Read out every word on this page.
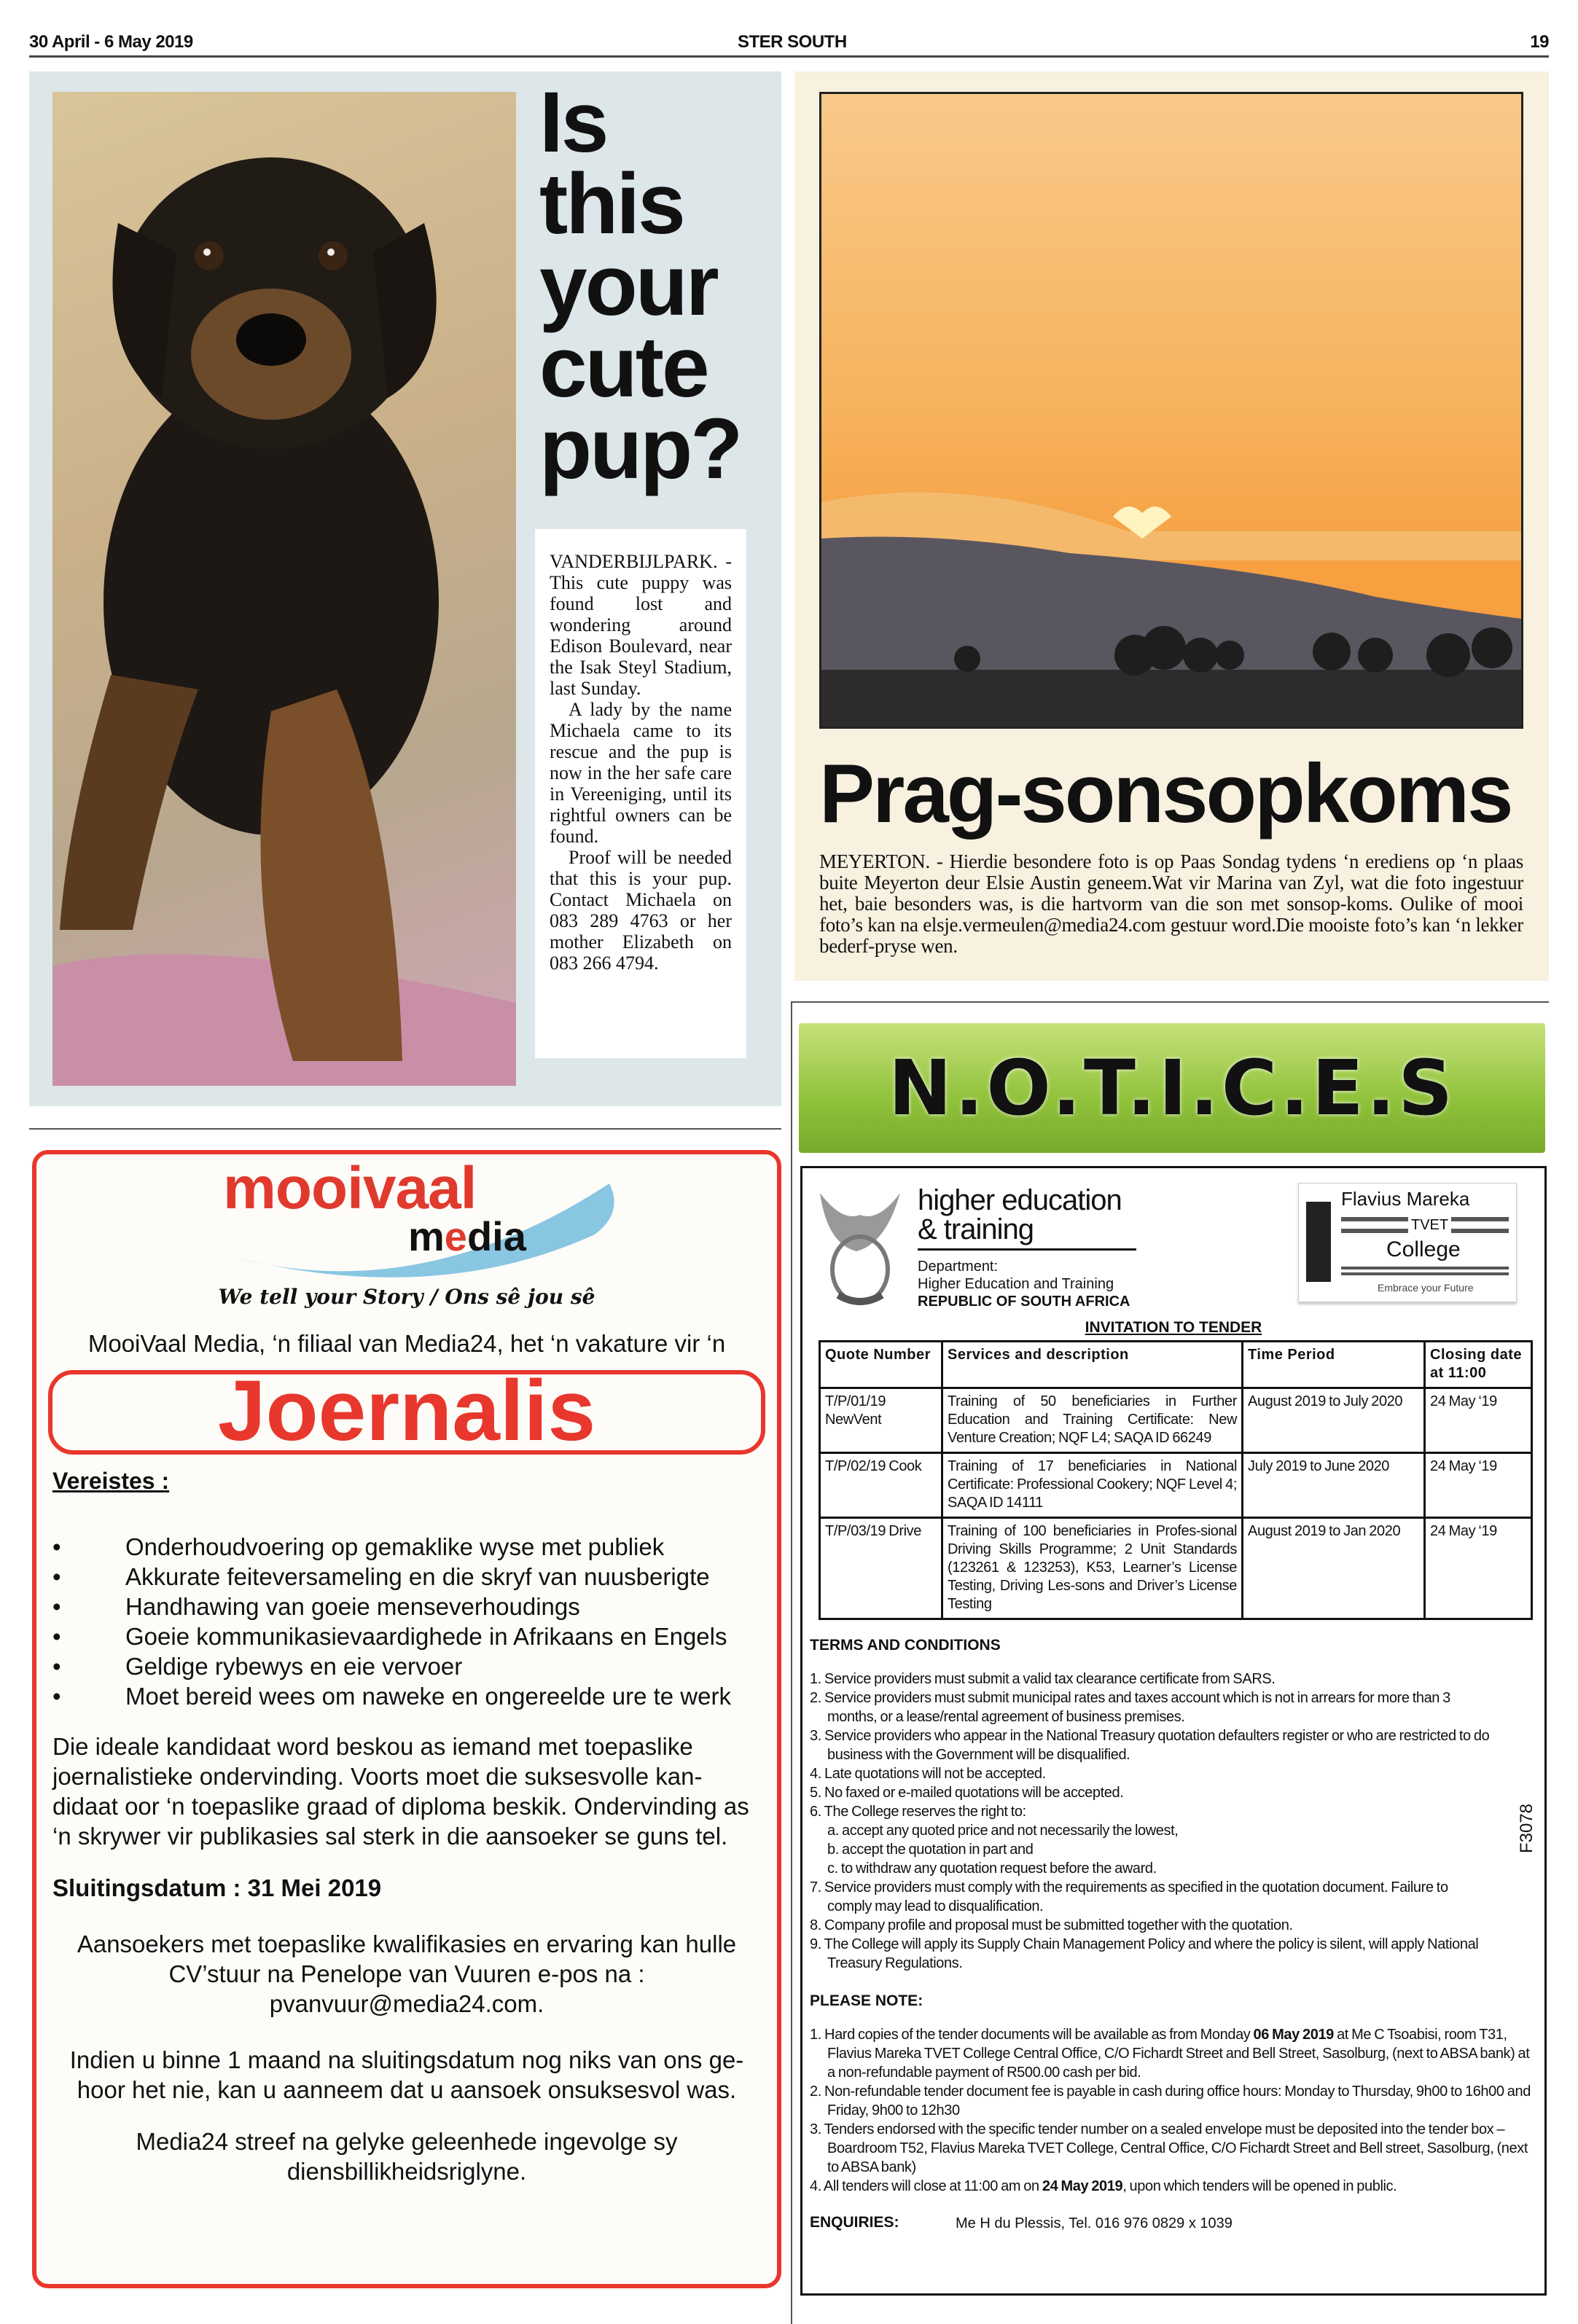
30 April - 6 May 2019	STER SOUTH	19
Is
this
your
cute
pup?

VANDERBIJLPARK. - This cute puppy was found lost and wondering around Edison Boulevard, near the Isak Steyl Stadium, last Sunday.

A lady by the name Michaela came to its rescue and the pup is now in the her safe care in Vereeniging, until its rightful owners can be found.

Proof will be needed that this is your pup. Contact Michaela on 083 289 4763 or her mother Elizabeth on 083 266 4794.

Prag-sonsopkoms
MEYERTON. - Hierdie besondere foto is op Paas Sondag tydens ‘n erediens op ‘n plaas buite Meyerton deur Elsie Austin geneem.Wat vir Marina van Zyl, wat die foto ingestuur het, baie besonders was, is die hartvorm van die son met sonsop-koms. Oulike of mooi foto’s kan na elsje.vermeulen@media24.com gestuur word.Die mooiste foto’s kan ‘n lekker bederf-pryse wen.
mooivaal
media
We tell your Story / Ons sê jou sê
MooiVaal Media, ‘n filiaal van Media24, het ‘n vakature vir ‘n
Joernalis
Vereistes :
• Onderhoudvoering op gemaklike wyse met publiek
• Akkurate feiteversameling en die skryf van nuusberigte
• Handhawing van goeie menseverhoudings
• Goeie kommunikasievaardighede in Afrikaans en Engels
• Geldige rybewys en eie vervoer
• Moet bereid wees om naweke en ongereelde ure te werk
Die ideale kandidaat word beskou as iemand met toepaslike joernalistieke ondervinding. Voorts moet die suksesvolle kan-didaat oor ‘n toepaslike graad of diploma beskik. Ondervinding as ‘n skrywer vir publikasies sal sterk in die aansoeker se guns tel.
Sluitingsdatum : 31 Mei 2019
Aansoekers met toepaslike kwalifikasies en ervaring kan hulle CV’stuur na Penelope van Vuuren e-pos na : pvanvuur@media24.com.
Indien u binne 1 maand na sluitingsdatum nog niks van ons ge-hoor het nie, kan u aanneem dat u aansoek onsuksesvol was.
Media24 streef na gelyke geleenhede ingevolge sy diensbillikheidsriglyne.
N.O.T.I.C.E.S
higher education
& training
Department:
Higher Education and Training
REPUBLIC OF SOUTH AFRICA
Flavius Mareka
TVET
College
Embrace your Future
INVITATION TO TENDER
Quote Number	Services and description	Time Period	Closing date at 11:00
T/P/01/19 NewVent	Training of 50 beneficiaries in Further Education and Training Certificate: New Venture Creation; NQF L4; SAQA ID 66249	August 2019 to July 2020	24 May ‘19
T/P/02/19 Cook	Training of 17 beneficiaries in National Certificate: Professional Cookery; NQF Level 4; SAQA ID 14111	July 2019 to June 2020	24 May ‘19
T/P/03/19 Drive	Training of 100 beneficiaries in Profes-sional Driving Skills Programme; 2 Unit Standards (123261 & 123253), K53, Learner’s License Testing, Driving Les-sons and Driver’s License Testing	August 2019 to Jan 2020	24 May ‘19
TERMS AND CONDITIONS
1. Service providers must submit a valid tax clearance certificate from SARS.
2. Service providers must submit municipal rates and taxes account which is not in arrears for more than 3 months, or a lease/rental agreement of business premises.
3. Service providers who appear in the National Treasury quotation defaulters register or who are restricted to do business with the Government will be disqualified.
4. Late quotations will not be accepted.
5. No faxed or e-mailed quotations will be accepted.
6. The College reserves the right to:
a. accept any quoted price and not necessarily the lowest,
b. accept the quotation in part and
c. to withdraw any quotation request before the award.
7. Service providers must comply with the requirements as specified in the quotation document. Failure to comply may lead to disqualification.
8. Company profile and proposal must be submitted together with the quotation.
9. The College will apply its Supply Chain Management Policy and where the policy is silent, will apply National Treasury Regulations.
F3078
PLEASE NOTE:
1. Hard copies of the tender documents will be available as from Monday 06 May 2019 at Me C Tsoabisi, room T31, Flavius Mareka TVET College Central Office, C/O Fichardt Street and Bell Street, Sasolburg, (next to ABSA bank) at a non-refundable payment of R500.00 cash per bid.
2. Non-refundable tender document fee is payable in cash during office hours: Monday to Thursday, 9h00 to 16h00 and Friday, 9h00 to 12h30
3. Tenders endorsed with the specific tender number on a sealed envelope must be deposited into the tender box – Boardroom T52, Flavius Mareka TVET College, Central Office, C/O Fichardt Street and Bell street, Sasolburg, (next to ABSA bank)
4. All tenders will close at 11:00 am on 24 May 2019, upon which tenders will be opened in public.
ENQUIRIES:	Me H du Plessis, Tel. 016 976 0829 x 1039
